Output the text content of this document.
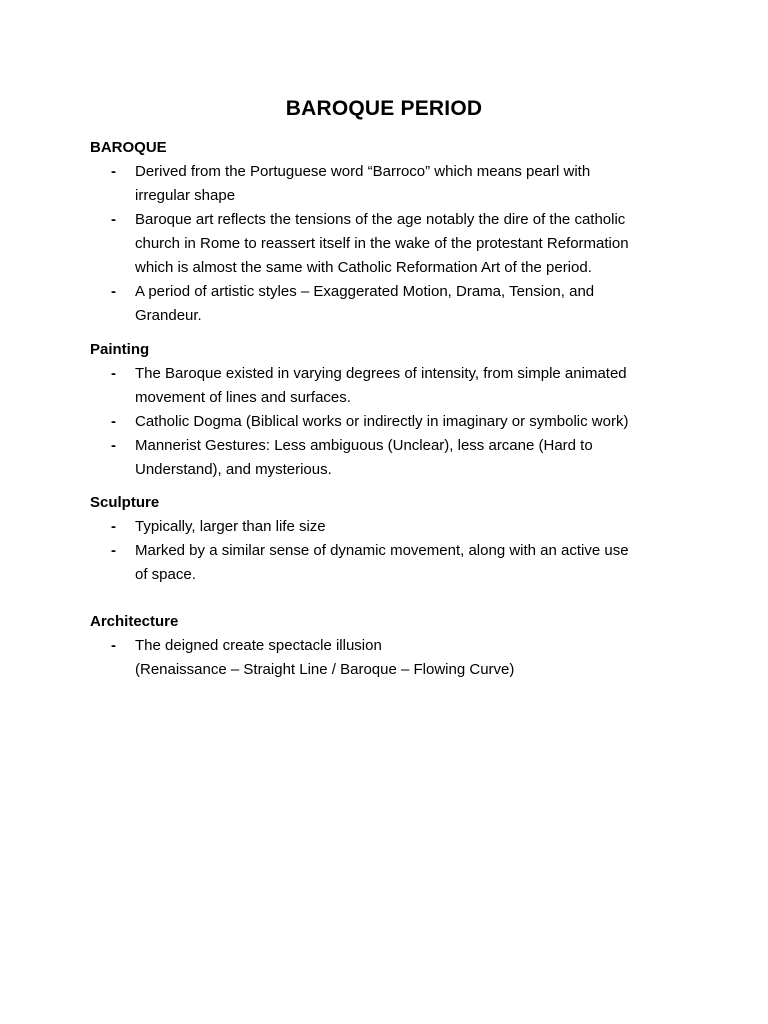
BAROQUE PERIOD
BAROQUE
- Derived from the Portuguese word “Barroco” which means pearl with
irregular shape
- Baroque art reflects the tensions of the age notably the dire of the catholic
church in Rome to reassert itself in the wake of the protestant Reformation
which is almost the same with Catholic Reformation Art of the period.
- A period of artistic styles – Exaggerated Motion, Drama, Tension, and
Grandeur.
Painting
- The Baroque existed in varying degrees of intensity, from simple animated
movement of lines and surfaces.
- Catholic Dogma (Biblical works or indirectly in imaginary or symbolic work)
- Mannerist Gestures: Less ambiguous (Unclear), less arcane (Hard to
Understand), and mysterious.
Sculpture
- Typically, larger than life size
- Marked by a similar sense of dynamic movement, along with an active use
of space.
Architecture
- The deigned create spectacle illusion
(Renaissance – Straight Line / Baroque – Flowing Curve)
